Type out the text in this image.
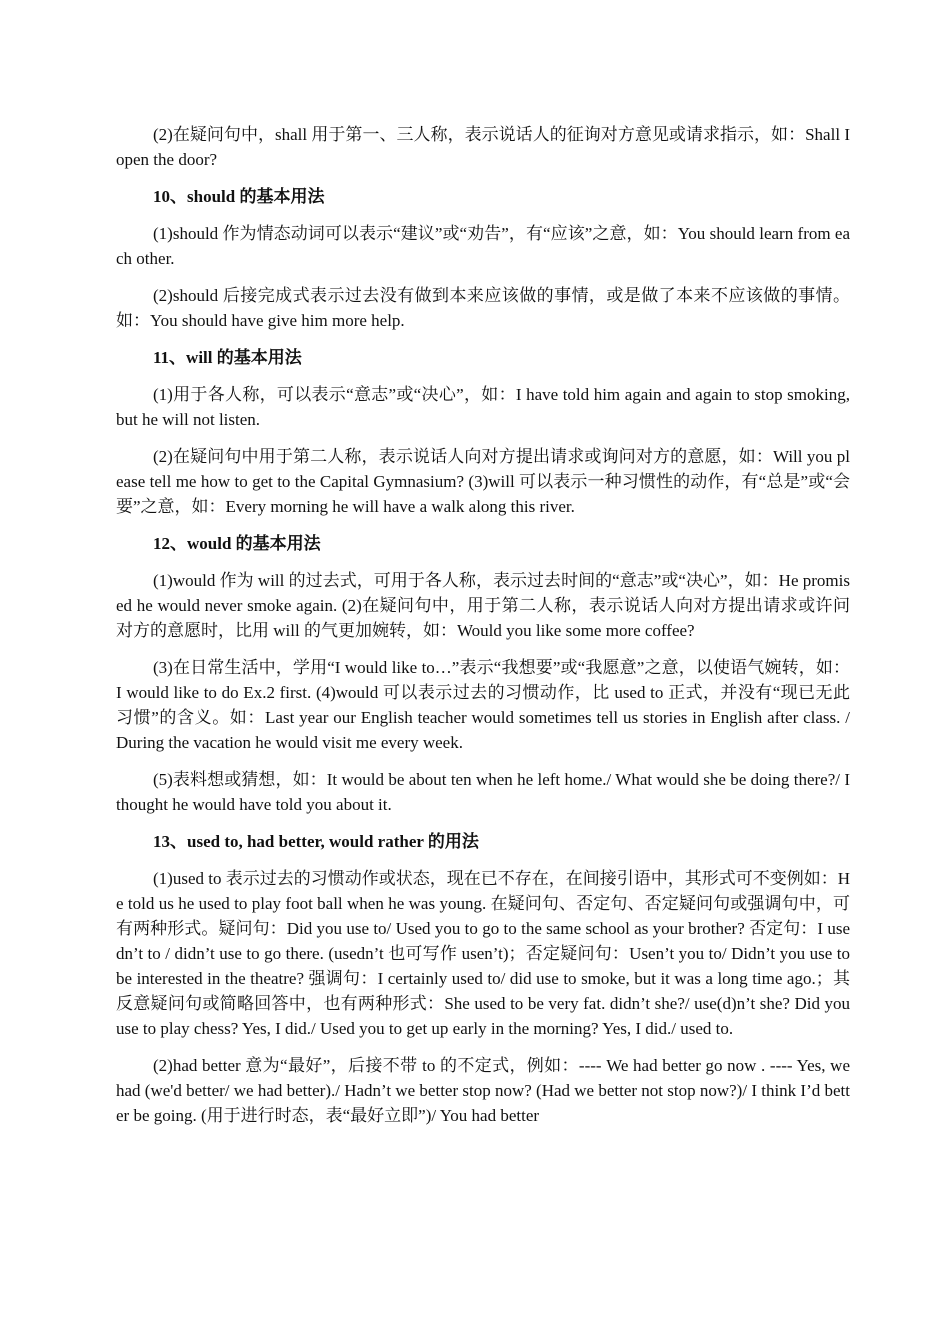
(2)在疑问句中，shall 用于第一、三人称，表示说话人的征询对方意见或请求指示，如：Shall I open the door?

10、should 的基本用法

(1)should 作为情态动词可以表示“建议”或“劝告”，有“应该”之意，如：You should learn from each other.

(2)should 后接完成式表示过去没有做到本来应该做的事情，或是做了本来不应该做的事情。如：You should have give him more help.

11、will 的基本用法

(1)用于各人称，可以表示“意志”或“决心”，如：I have told him again and again to stop smoking, but he will not listen.

(2)在疑问句中用于第二人称，表示说话人向对方提出请求或询问对方的意愿，如：Will you please tell me how to get to the Capital Gymnasium? (3)will 可以表示一种习惯性的动作，有“总是”或“会要”之意，如：Every morning he will have a walk along this river.

12、would 的基本用法

(1)would 作为 will 的过去式，可用于各人称，表示过去时间的“意志”或“决心”，如：He promised he would never smoke again. (2)在疑问句中，用于第二人称，表示说话人向对方提出请求或许问对方的意愿时，比用 will 的气更加婉转，如：Would you like some more coffee?

(3)在日常生活中，学用“I would like to…”表示“我想要”或“我愿意”之意，以使语气婉转，如：I would like to do Ex.2 first. (4)would 可以表示过去的习惯动作，比 used to 正式，并没有“现已无此习惯”的含义。如：Last year our English teacher would sometimes tell us stories in English after class. / During the vacation he would visit me every week.

(5)表料想或猜想，如：It would be about ten when he left home./ What would she be doing there?/ I thought he would have told you about it.

13、used to, had better, would rather 的用法

(1)used to 表示过去的习惯动作或状态，现在已不存在，在间接引语中，其形式可不变例如：He told us he used to play foot ball when he was young. 在疑问句、否定句、否定疑问句或强调句中，可有两种形式。疑问句：Did you use to/ Used you to go to the same school as your brother? 否定句：I usedn’t to / didn’t use to go there. (usedn’t 也可写作 usen’t)；否定疑问句：Usen’t you to/ Didn’t you use to be interested in the theatre? 强调句：I certainly used to/ did use to smoke, but it was a long time ago.；其反意疑问句或简略回答中，也有两种形式：She used to be very fat. didn’t she?/ use(d)n’t she? Did you use to play chess? Yes, I did./ Used you to get up early in the morning? Yes, I did./ used to.

(2)had better 意为“最好”，后接不带 to 的不定式，例如：---- We had better go now . ---- Yes, we had (we'd better/ we had better)./ Hadn’t we better stop now? (Had we better not stop now?)/ I think I’d better be going. (用于进行时态，表“最好立即”)/ You had better
